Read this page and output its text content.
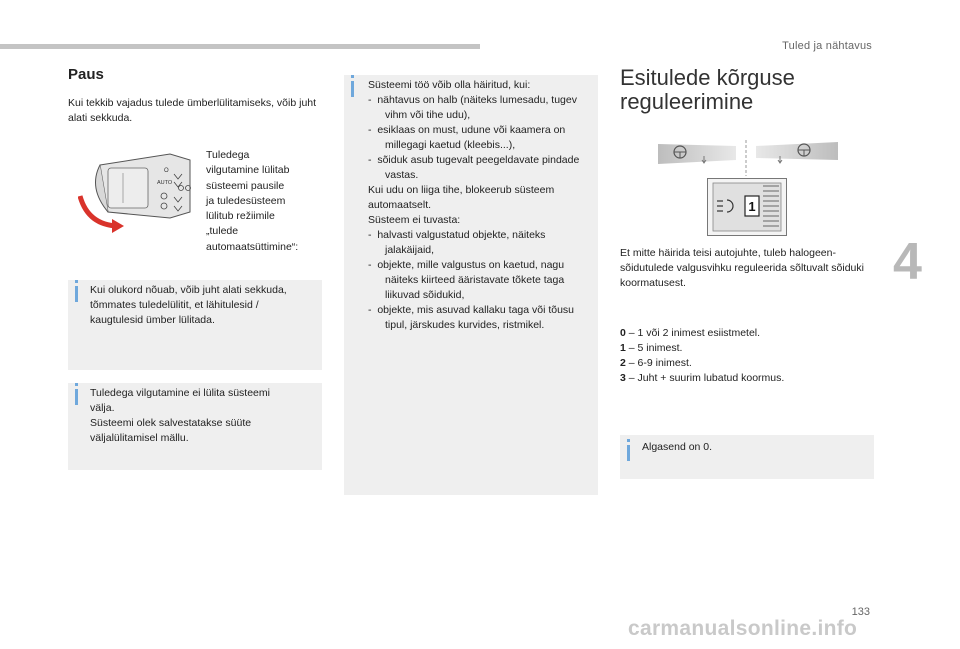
Tuled ja nähtavus
4
Paus
Kui tekkib vajadus tulede ümberlülitamiseks, võib juht alati sekkuda.
O
AUTO
Tuledega
vilgutamine lülitab
süsteemi pausile
ja tuledesüsteem
lülitub režiimile
„tulede
automaatsüttimine“:
Kui olukord nõuab, võib juht alati sekkuda,
tõmmates tuledelülitit, et lähitulesid /
kaugtulesid ümber lülitada.
Tuledega vilgutamine ei lülita süsteemi
välja.
Süsteemi olek salvestatakse süüte
väljalülitamisel mällu.
Süsteemi töö võib olla häiritud, kui:
-  nähtavus on halb (näiteks lumesadu, tugev vihm või tihe udu),
-  esiklaas on must, udune või kaamera on millegagi kaetud (kleebis...),
-  sõiduk asub tugevalt peegeldavate pindade vastas.
Kui udu on liiga tihe, blokeerub süsteem automaatselt.
Süsteem ei tuvasta:
-  halvasti valgustatud objekte, näiteks jalakäijaid,
-  objekte, mille valgustus on kaetud, nagu näiteks kiirteed ääristavate tõkete taga liikuvad sõidukid,
-  objekte, mis asuvad kallaku taga või tõusu tipul, järskudes kurvides, ristmikel.
Esitulede kõrguse
reguleerimine
1
Et mitte häirida teisi autojuhte, tuleb halogeen-sõidutulede valgusvihku reguleerida sõltuvalt sõiduki koormatusest.
0 – 1 või 2 inimest esiistmetel.
1 – 5 inimest.
2 – 6-9 inimest.
3 – Juht + suurim lubatud koormus.
Algasend on 0.
133
carmanualsonline.info
